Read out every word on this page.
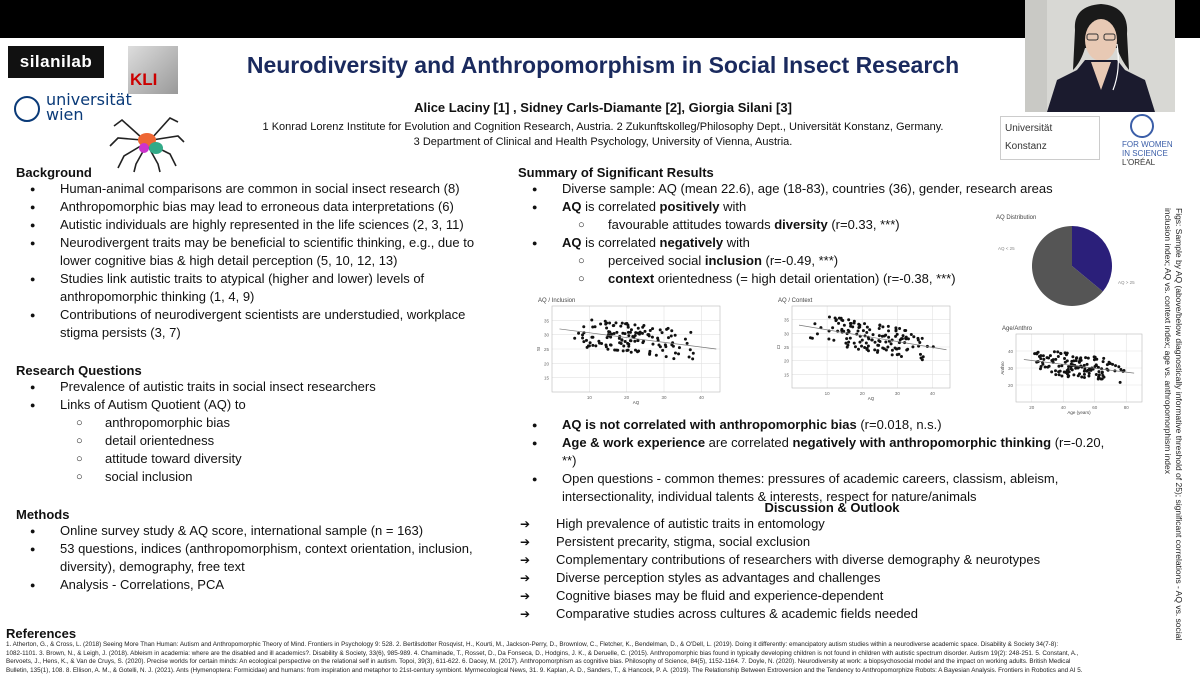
silanilab
KLI
universität
wien
Neurodiversity and Anthropomorphism in Social Insect Research
Alice Laciny [1] , Sidney Carls-Diamante [2], Giorgia Silani [3]
1 Konrad Lorenz Institute for Evolution and Cognition Research, Austria. 2 Zukunftskolleg/Philosophy Dept., Universität Konstanz, Germany.
3 Department of Clinical and Health Psychology, University of Vienna, Austria.
Universität
Konstanz	FOR WOMEN
IN SCIENCE
L'ORÉAL
Background
● Human-animal comparisons are common in social insect research (8)
● Anthropomorphic bias may lead to erroneous data interpretations (6)
● Autistic individuals are highly represented in the life sciences (2, 3, 11)
● Neurodivergent traits may be beneficial to scientific thinking, e.g., due to lower cognitive bias & high detail perception (5, 10, 12, 13)
● Studies link autistic traits to atypical (higher and lower) levels of anthropomorphic thinking (1, 4, 9)
● Contributions of neurodivergent scientists are understudied, workplace stigma persists (3, 7)
Research Questions
● Prevalence of autistic traits in social insect researchers
● Links of Autism Quotient (AQ) to
○ anthropomorphic bias
○ detail orientedness
○ attitude toward diversity
○ social inclusion
Methods
● Online survey study & AQ score, international sample (n = 163)
● 53 questions, indices (anthropomorphism, context orientation, inclusion, diversity), demography, free text
● Analysis - Correlations, PCA
Summary of Significant Results
● Diverse sample: AQ (mean 22.6), age (18-83), countries (36), gender, research areas
● AQ is correlated positively with
○ favourable attitudes towards diversity (r=0.33, ***)
● AQ is correlated negatively with
○ perceived social inclusion (r=-0.49, ***)
○ context orientedness (= high detail orientation) (r=-0.38, ***)
AQ Distribution
AQ < 25
AQ > 25
AQ / Inclusion
15
20
25
30
35
10	20	30	40
AQ
SI
AQ / Context
15
20
25
30
35
10	20	30	40
AQ
CI
Age/Anthro
20
30
40
20	40	60	80
Age (years)
Anthro
● AQ is not correlated with anthropomorphic bias (r=0.018, n.s.)
● Age & work experience are correlated negatively with anthropomorphic thinking (r=-0.20, **)
● Open questions - common themes: pressures of academic careers, classism, ableism, intersectionality, individual talents & interests, respect for nature/animals
Discussion & Outlook
➔ High prevalence of autistic traits in entomology
➔ Persistent precarity, stigma, social exclusion
➔ Complementary contributions of researchers with diverse demography & neurotypes
➔ Diverse perception styles as advantages and challenges
➔ Cognitive biases may be fluid and experience-dependent
➔ Comparative studies across cultures & academic fields needed	Figs: Sample by AQ (above/below diagnostically informative threshold of 25); significant correlations - AQ vs. social inclusion index; AQ vs. context index; age vs. anthropomorphism index
References
1. Atherton, G., & Cross, L. (2018) Seeing More Than Human: Autism and Anthropomorphic Theory of Mind. Frontiers in Psychology 9: 528. 2. Bertilsdotter Rosqvist, H., Kourti, M., Jackson-Perry, D., Brownlow, C., Fletcher, K., Bendelman, D., & O'Dell, L. (2019). Doing it differently: emancipatory autism studies within a neurodiverse academic space. Disability & Society 34(7-8):
1082-1101. 3. Brown, N., & Leigh, J. (2018). Ableism in academia: where are the disabled and ill academics?. Disability & Society, 33(6), 985-989. 4. Chaminade, T., Rosset, D., Da Fonseca, D., Hodgins, J. K., & Deruelle, C. (2015). Anthropomorphic bias found in typically developing children is not found in children with autistic spectrum disorder. Autism 19(2): 248-251. 5. Constant, A.,
Bervoets, J., Hens, K., & Van de Cruys, S. (2020). Precise worlds for certain minds: An ecological perspective on the relational self in autism. Topoi, 39(3), 611-622. 6. Dacey, M. (2017). Anthropomorphism as cognitive bias. Philosophy of Science, 84(5), 1152-1164. 7. Doyle, N. (2020). Neurodiversity at work: a biopsychosocial model and the impact on working adults. British Medical
Bulletin, 135(1), 108. 8. Ellison, A. M., & Gotelli, N. J. (2021). Ants (Hymenoptera: Formicidae) and humans: from inspiration and metaphor to 21st-century symbiont. Myrmecological News, 31. 9. Kaplan, A. D., Sanders, T., & Hancock, P. A. (2019). The Relationship Between Extroversion and the Tendency to Anthropomorphize Robots: A Bayesian Analysis. Frontiers in Robotics and AI 5.
